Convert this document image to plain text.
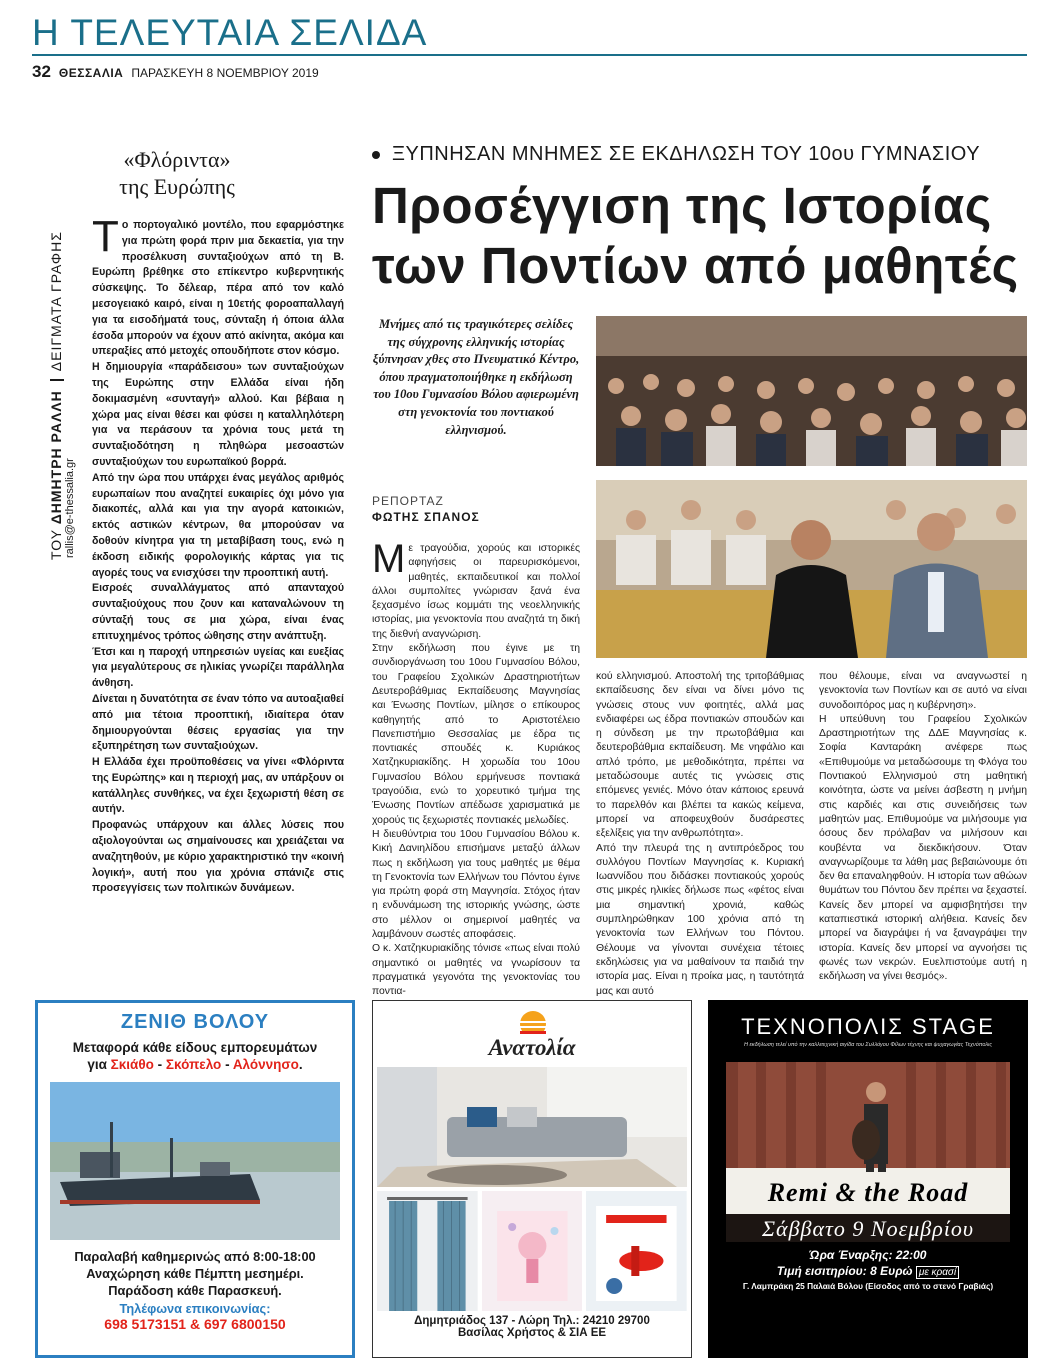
Η ΤΕΛΕΥΤΑΙΑ ΣΕΛΙΔΑ
32 ΘΕΣΣΑΛΙΑ ΠΑΡΑΣΚΕΥΗ 8 ΝΟΕΜΒΡΙΟΥ 2019
«Φλόριντα»
της Ευρώπης
ΤΟΥ ΔΗΜΗΤΡΗ ΡΑΛΛΗ  ΔΕΙΓΜΑΤΑ ΓΡΑΦΗΣ
rallis@e-thessalia.gr

Το πορτογαλικό μοντέλο, που εφαρμόστηκε για πρώτη φορά πριν μια δεκαετία, για την προσέλκυση συνταξιούχων από τη Β. Ευρώπη βρέθηκε στο επίκεντρο κυβερνητικής σύσκεψης. Το δέλεαρ, πέρα από τον καλό μεσογειακό καιρό, είναι η 10ετής φοροαπαλλαγή για τα εισοδήματά τους, σύνταξη ή όποια άλλα έσοδα μπορούν να έχουν από ακίνητα, ακόμα και υπεραξίες από μετοχές οπουδήποτε στον κόσμο.

Η δημιουργία «παράδεισου» των συνταξιούχων της Ευρώπης στην Ελλάδα είναι ήδη δοκιμασμένη «συνταγή» αλλού. Και βέβαια η χώρα μας είναι θέσει και φύσει η καταλληλότερη για να περάσουν τα χρόνια τους μετά τη συνταξιοδότηση η πληθώρα μεσοαστών συνταξιούχων του ευρωπαϊκού βορρά.

Από την ώρα που υπάρχει ένας μεγάλος αριθμός ευρωπαίων που αναζητεί ευκαιρίες όχι μόνο για διακοπές, αλλά και για την αγορά κατοικιών, εκτός αστικών κέντρων, θα μπορούσαν να δοθούν κίνητρα για τη μεταβίβαση τους, ενώ η έκδοση ειδικής φορολογικής κάρτας για τις αγορές τους να ενισχύσει την προοπτική αυτή.

Εισροές συναλλάγματος από απανταχού συνταξιούχους που ζουν και καταναλώνουν τη σύνταξή τους σε μια χώρα, είναι ένας επιτυχημένος τρόπος ώθησης στην ανάπτυξη.

Έτσι και η παροχή υπηρεσιών υγείας και ευεξίας για μεγαλύτερους σε ηλικίας γνωρίζει παράλληλα άνθηση.

Δίνεται η δυνατότητα σε έναν τόπο να αυτοαξιαθεί από μια τέτοια προοπτική, ιδιαίτερα όταν δημιουργούνται θέσεις εργασίας για την εξυπηρέτηση των συνταξιούχων.

Η Ελλάδα έχει προϋποθέσεις να γίνει «Φλόριντα της Ευρώπης» και η περιοχή μας, αν υπάρξουν οι κατάλληλες συνθήκες, να έχει ξεχωριστή θέση σε αυτήν.

Προφανώς υπάρχουν και άλλες λύσεις που αξιολογούνται ως σημαίνουσες και χρειάζεται να αναζητηθούν, με κύριο χαρακτηριστικό την «κοινή λογική», αυτή που για χρόνια σπάνιζε στις προσεγγίσεις των πολιτικών δυνάμεων.

ΞΥΠΝΗΣΑΝ ΜΝΗΜΕΣ ΣΕ ΕΚΔΗΛΩΣΗ ΤΟΥ 10ου ΓΥΜΝΑΣΙΟΥ
Προσέγγιση της Ιστορίας
των Ποντίων από μαθητές
Μνήμες από τις τραγικότερες σελίδες της σύγχρονης ελληνικής ιστορίας ξύπνησαν χθες στο Πνευματικό Κέντρο, όπου πραγματοποιήθηκε η εκδήλωση του 10ου Γυμνασίου Βόλου αφιερωμένη στη γενοκτονία του ποντιακού ελληνισμού.
ΡΕΠΟΡΤΑΖ
ΦΩΤΗΣ ΣΠΑΝΟΣ

Με τραγούδια, χορούς και ιστορικές αφηγήσεις οι παρευρισκόμενοι, μαθητές, εκπαιδευτικοί και πολλοί άλλοι συμπολίτες γνώρισαν ξανά ένα ξεχασμένο ίσως κομμάτι της νεοελληνικής ιστορίας, μια γενοκτονία που αναζητά τη δική της διεθνή αναγνώριση.

Στην εκδήλωση που έγινε με τη συνδιοργάνωση του 10ου Γυμνασίου Βόλου, του Γραφείου Σχολικών Δραστηριοτήτων Δευτεροβάθμιας Εκπαίδευσης Μαγνησίας και Ένωσης Ποντίων, μίλησε ο επίκουρος καθηγητής από το Αριστοτέλειο Πανεπιστήμιο Θεσσαλίας με έδρα τις ποντιακές σπουδές κ. Κυριάκος Χατζηκυριακίδης. Η χορωδία του 10ου Γυμνασίου Βόλου ερμήνευσε ποντιακά τραγούδια, ενώ το χορευτικό τμήμα της Ένωσης Ποντίων απέδωσε χαρισματικά με χορούς τις ξεχωριστές ποντιακές μελωδίες.

Η διευθύντρια του 10ου Γυμνασίου Βόλου κ. Κική Δανιηλίδου επισήμανε μεταξύ άλλων πως η εκδήλωση για τους μαθητές με θέμα τη Γενοκτονία των Ελλήνων του Πόντου έγινε για πρώτη φορά στη Μαγνησία. Στόχος ήταν η ενδυνάμωση της ιστορικής γνώσης, ώστε στο μέλλον οι σημερινοί μαθητές να λαμβάνουν σωστές αποφάσεις.

Ο κ. Χατζηκυριακίδης τόνισε «πως είναι πολύ σημαντικό οι μαθητές να γνωρίσουν τα πραγματικά γεγονότα της γενοκτονίας του ποντια-

κού ελληνισμού. Αποστολή της τριτοβάθμιας εκπαίδευσης δεν είναι να δίνει μόνο τις γνώσεις στους νυν φοιτητές, αλλά μας ενδιαφέρει ως έδρα ποντιακών σπουδών και η σύνδεση με την πρωτοβάθμια και δευτεροβάθμια εκπαίδευση. Με νηφάλιο και απλό τρόπο, με μεθοδικότητα, πρέπει να μεταδώσουμε αυτές τις γνώσεις στις επόμενες γενιές. Μόνο όταν κάποιος ερευνά το παρελθόν και βλέπει τα κακώς κείμενα, μπορεί να αποφευχθούν δυσάρεστες εξελίξεις για την ανθρωπότητα».

Από την πλευρά της η αντιπρόεδρος του συλλόγου Ποντίων Μαγνησίας κ. Κυριακή Ιωαννίδου που διδάσκει ποντιακούς χορούς στις μικρές ηλικίες δήλωσε πως «φέτος είναι μια σημαντική χρονιά, καθώς συμπληρώθηκαν 100 χρόνια από τη γενοκτονία των Ελλήνων του Πόντου. Θέλουμε να γίνονται συνέχεια τέτοιες εκδηλώσεις για να μαθαίνουν τα παιδιά την ιστορία μας. Είναι η προίκα μας, η ταυτότητά μας και αυτό

που θέλουμε, είναι να αναγνωστεί η γενοκτονία των Ποντίων και σε αυτό να είναι συνοδοιπόρος μας η κυβέρνηση».

Η υπεύθυνη του Γραφείου Σχολικών Δραστηριοτήτων της ΔΔΕ Μαγνησίας κ. Σοφία Κανταράκη ανέφερε πως «Επιθυμούμε να μεταδώσουμε τη Φλόγα του Ποντιακού Ελληνισμού στη μαθητική κοινότητα, ώστε να μείνει άσβεστη η μνήμη στις καρδιές και στις συνειδήσεις των μαθητών μας. Επιθυμούμε να μιλήσουμε για όσους δεν πρόλαβαν να μιλήσουν και κουβέντα να διεκδικήσουν. Όταν αναγνωρίζουμε τα λάθη μας βεβαιώνουμε ότι δεν θα επαναληφθούν. Η ιστορία των αθώων θυμάτων του Πόντου δεν πρέπει να ξεχαστεί. Κανείς δεν μπορεί να αμφισβητήσει την καταπιεστικά ιστορική αλήθεια. Κανείς δεν μπορεί να διαγράψει ή να ξαναγράψει την ιστορία. Κανείς δεν μπορεί να αγνοήσει τις φωνές των νεκρών. Ευελπιστούμε αυτή η εκδήλωση να γίνει θεσμός».

ΖΕΝΙΘ ΒΟΛΟΥ
Μεταφορά κάθε είδους εμπορευμάτων
για Σκιάθο - Σκόπελο - Αλόννησο.
Παραλαβή καθημερινώς από 8:00-18:00
Αναχώρηση κάθε Πέμπτη μεσημέρι.
Παράδοση κάθε Παρασκευή.
Τηλέφωνα επικοινωνίας:
698 5173151 & 697 6800150
Ανατολία
Δημητριάδος 137 - Λώρη Τηλ.: 24210 29700
Βασίλας Χρήστος & ΣΙΑ ΕΕ
ΤΕΧΝΟΠΟΛΙΣ STAGE
Η εκδήλωση τελεί υπό την καλλιτεχνική αιγίδα του Συλλόγου Φίλων τέχνης και ψυχαγωγίας Τεχνόπολις
Remi & the Road
Σάββατο 9 Νοεμβρίου
Ώρα Έναρξης: 22:00
Τιμή εισιτηρίου: 8 Ευρώ με κρασί
Γ. Λαμπράκη 25 Παλαιά Βόλου (Είσοδος από το στενό Γραβιάς)
